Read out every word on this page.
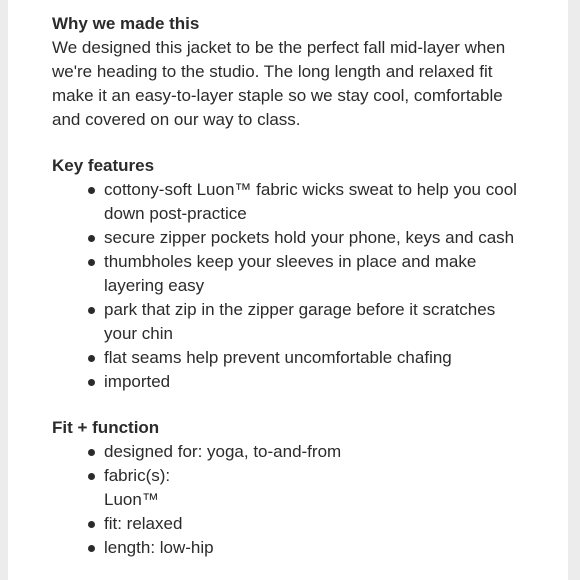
Why we made this

We designed this jacket to be the perfect fall mid-layer when
we're heading to the studio. The long length and relaxed fit
make it an easy-to-layer staple so we stay cool, comfortable
and covered on our way to class.

Key features
cottony-soft Luon™ fabric wicks sweat to help you cool
down post-practice
secure zipper pockets hold your phone, keys and cash
thumbholes keep your sleeves in place and make
layering easy
park that zip in the zipper garage before it scratches
your chin
flat seams help prevent uncomfortable chafing
imported
Fit + function
designed for: yoga, to-and-from
fabric(s):
Luon™
fit: relaxed
length: low-hip
